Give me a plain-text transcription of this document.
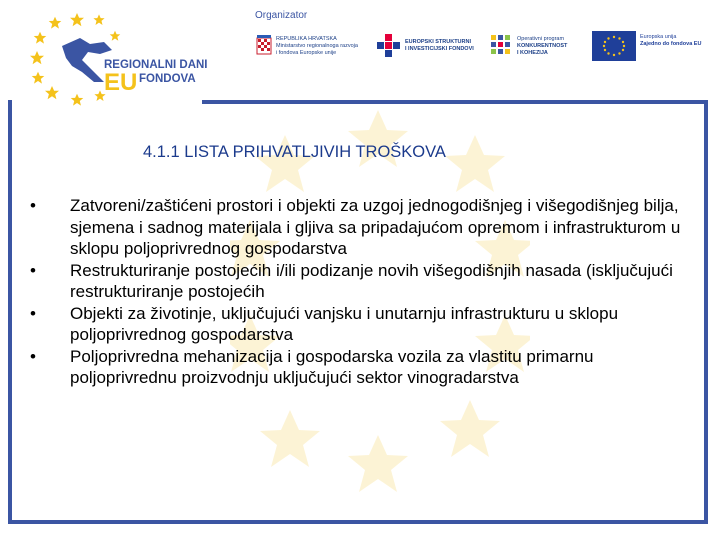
REGIONALNI DANI
EU FONDOVA
Organizator
REPUBLIKA HRVATSKA
Ministarstvo regionalnoga razvoja
i fondova Europske unije
EUROPSKI STRUKTURNI
I INVESTICIJSKI FONDOVI
Operativni program
KONKURENTNOST
I KOHEZIJA
Europska unija
Zajedno do fondova EU
4.1.1 LISTA PRIHVATLJIVIH TROŠKOVA
•	Zatvoreni/zaštićeni prostori i objekti za uzgoj jednogodišnjeg i višegodišnjeg bilja, sjemena i sadnog materijala i gljiva sa pripadajućom opremom i infrastrukturom u sklopu poljoprivrednog gospodarstva
•	Restrukturiranje postojećih i/ili podizanje novih višegodišnjih nasada (isključujući restrukturiranje postojećih
•	Objekti za životinje, uključujući vanjsku i unutarnju infrastrukturu u sklopu poljoprivrednog gospodarstva
•	Poljoprivredna mehanizacija i gospodarska vozila za vlastitu primarnu poljoprivrednu proizvodnju uključujući sektor vinogradarstva
